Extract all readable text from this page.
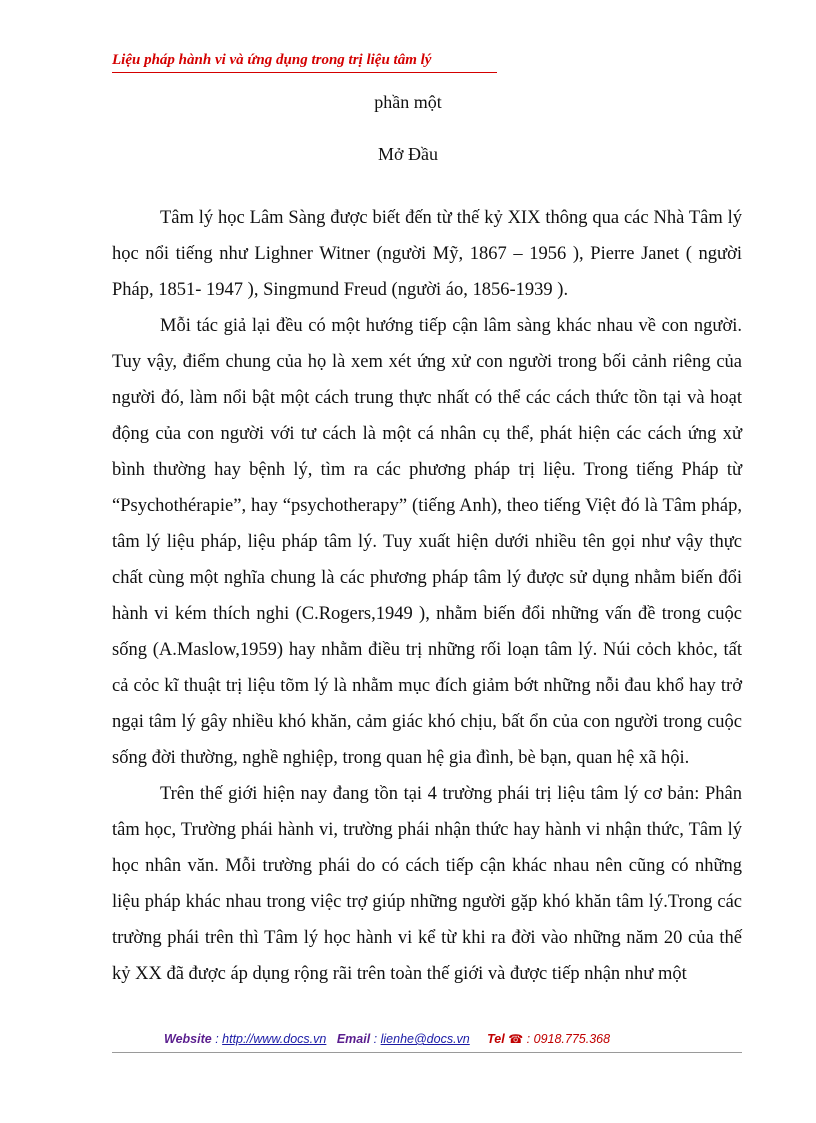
Liệu pháp hành vi và ứng dụng trong trị liệu tâm lý
phần một
Mở Đầu

Tâm lý học Lâm Sàng được biết đến từ thế kỷ XIX thông qua các Nhà Tâm lý học nổi tiếng như Lighner Witner (người Mỹ, 1867 – 1956 ), Pierre Janet ( người Pháp, 1851- 1947 ), Singmund Freud (người áo, 1856-1939 ).

Mỗi tác giả lại đều có một hướng tiếp cận lâm sàng khác nhau về con người. Tuy vậy, điểm chung của họ là xem xét ứng xử con người trong bối cảnh riêng của người đó, làm nổi bật một cách trung thực nhất có thể các cách thức tồn tại và hoạt động của con người với tư cách là một cá nhân cụ thể, phát hiện các cách ứng xử bình thường hay bệnh lý, tìm ra các phương pháp trị liệu. Trong tiếng Pháp từ “Psychothérapie”, hay “psychotherapy” (tiếng Anh), theo tiếng Việt đó là Tâm pháp, tâm lý liệu pháp, liệu pháp tâm lý. Tuy xuất hiện dưới nhiều tên gọi như vậy thực chất cùng một nghĩa chung là các phương pháp tâm lý được sử dụng nhằm biến đổi hành vi kém thích nghi (C.Rogers,1949 ), nhằm biến đổi những vấn đề trong cuộc sống (A.Maslow,1959) hay nhằm điều trị những rối loạn tâm lý. Núi cỏch khỏc, tất cả cỏc kĩ thuật trị liệu tõm lý là nhằm mục đích giảm bớt những nỗi đau khổ hay trở ngại tâm lý gây nhiều khó khăn, cảm giác khó chịu, bất ổn của con người trong cuộc sống đời thường, nghề nghiệp, trong quan hệ gia đình, bè bạn, quan hệ xã hội.

Trên thế giới hiện nay đang tồn tại 4 trường phái trị liệu tâm lý cơ bản: Phân tâm học, Trường phái hành vi, trường phái nhận thức hay hành vi nhận thức, Tâm lý học nhân văn. Mỗi trường phái do có cách tiếp cận khác nhau nên cũng có những liệu pháp khác nhau trong việc trợ giúp những người gặp khó khăn tâm lý.Trong các trường phái trên thì Tâm lý học hành vi kể từ khi ra đời vào những năm 20 của thế kỷ XX đã được áp dụng rộng rãi trên toàn thế giới và được tiếp nhận như một

Website : http://www.docs.vn Email : lienhe@docs.vn Tel ☎ : 0918.775.368
